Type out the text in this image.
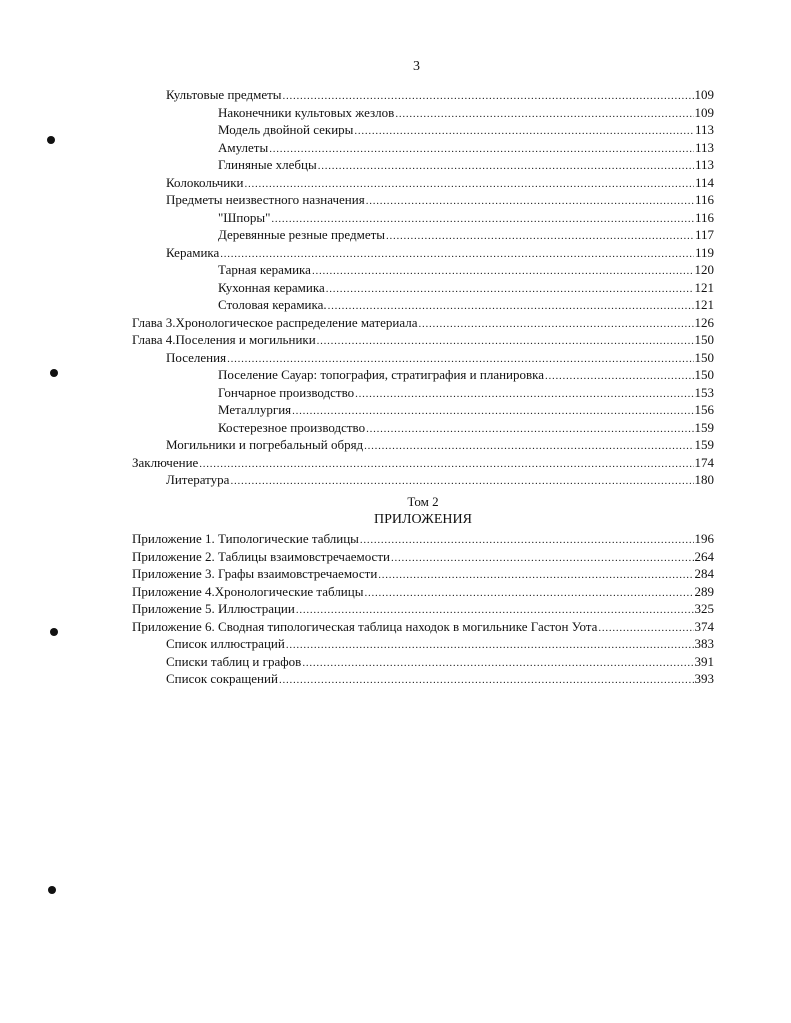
3
Культовые предметы . . .	109
Наконечники культовых жезлов . . .	109
Модель двойной секиры . . .	113
Амулеты . . .	113
Глиняные хлебцы . . .	113
Колокольчики . . .	114
Предметы неизвестного назначения . . .	116
"Шпоры" . . .	116
Деревянные резные предметы . . .	117
Керамика . . .	119
Тарная керамика . . .	120
Кухонная керамика . . .	121
Столовая керамика. . . .	121
Глава 3.Хронологическое распределение материала . . .	126
Глава 4.Поселения и могильники . . .	150
Поселения . . .	150
Поселение Сауар: топография, стратиграфия и планировка . . .	150
Гончарное производство . . .	153
Металлургия . . .	156
Костерезное производство . . .	159
Могильники и погребальный обряд . . .	159
Заключение . . .	174
Литература . . .	180
Том 2
ПРИЛОЖЕНИЯ
Приложение 1. Типологические таблицы . . .	196
Приложение 2. Таблицы взаимовстречаемости . . .	264
Приложение 3. Графы взаимовстречаемости . . .	284
Приложение 4.Хронологические таблицы . . .	289
Приложение 5. Иллюстрации . . .	325
Приложение 6. Сводная типологическая таблица находок в могильнике Гастон Уота . . .	374
Список иллюстраций . . .	383
Списки таблиц и графов . . .	391
Список сокращений . . .	393
